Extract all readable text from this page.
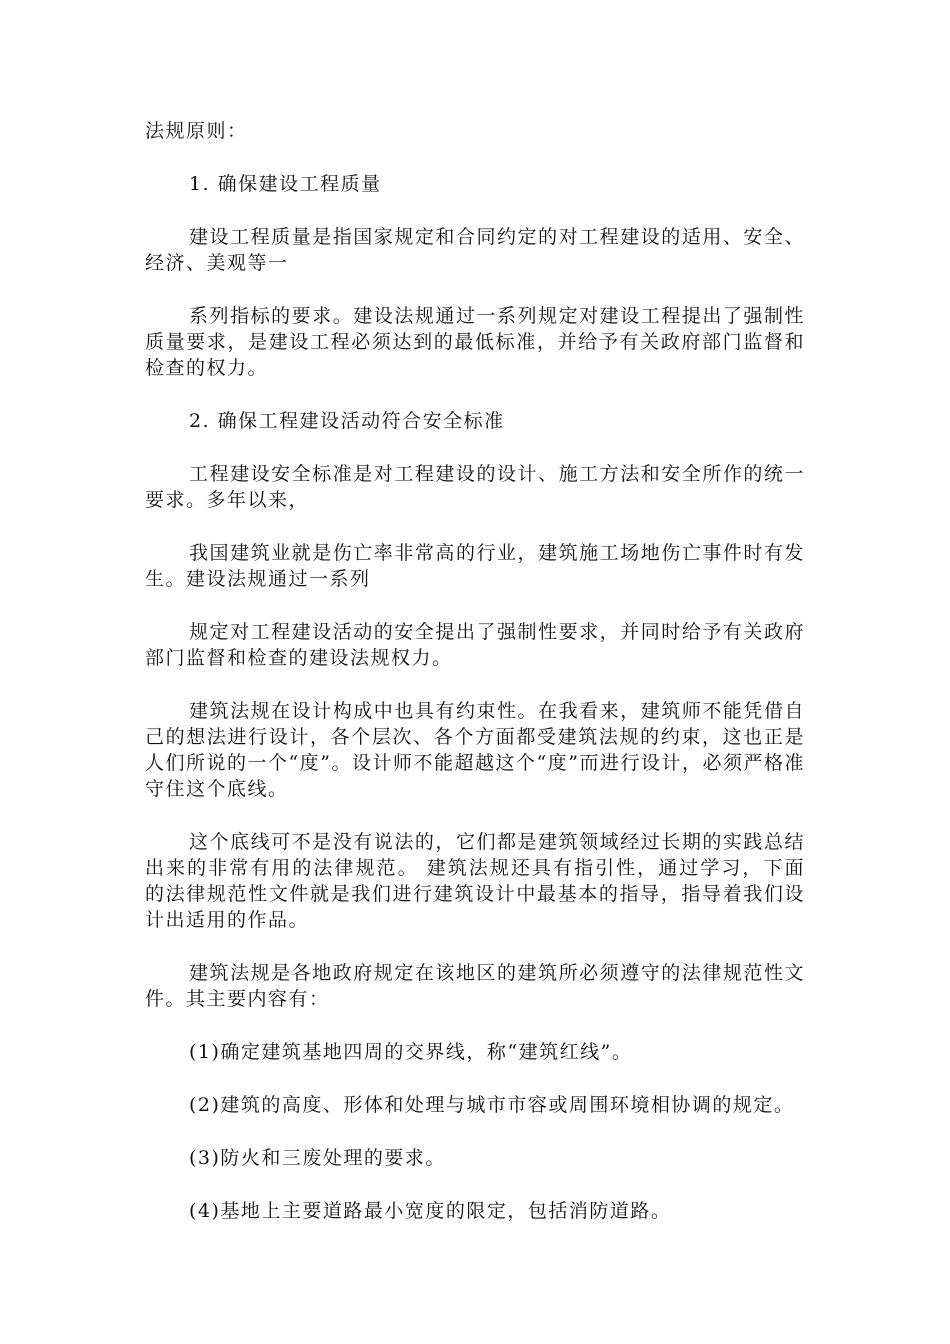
法规原则：

1. 确保建设工程质量

建设工程质量是指国家规定和合同约定的对工程建设的适用、安全、经济、美观等一

系列指标的要求。建设法规通过一系列规定对建设工程提出了强制性质量要求，是建设工程必须达到的最低标准，并给予有关政府部门监督和检查的权力。

2. 确保工程建设活动符合安全标准

工程建设安全标准是对工程建设的设计、施工方法和安全所作的统一要求。多年以来，

我国建筑业就是伤亡率非常高的行业，建筑施工场地伤亡事件时有发生。建设法规通过一系列

规定对工程建设活动的安全提出了强制性要求，并同时给予有关政府部门监督和检查的建设法规权力。

建筑法规在设计构成中也具有约束性。在我看来，建筑师不能凭借自己的想法进行设计，各个层次、各个方面都受建筑法规的约束，这也正是人们所说的一个“度”。设计师不能超越这个“度”而进行设计，必须严格准守住这个底线。

这个底线可不是没有说法的，它们都是建筑领域经过长期的实践总结出来的非常有用的法律规范。 建筑法规还具有指引性，通过学习，下面的法律规范性文件就是我们进行建筑设计中最基本的指导，指导着我们设计出适用的作品。

建筑法规是各地政府规定在该地区的建筑所必须遵守的法律规范性文件。其主要内容有：

(1)确定建筑基地四周的交界线，称“建筑红线”。

(2)建筑的高度、形体和处理与城市市容或周围环境相协调的规定。

(3)防火和三废处理的要求。

(4)基地上主要道路最小宽度的限定，包括消防道路。
